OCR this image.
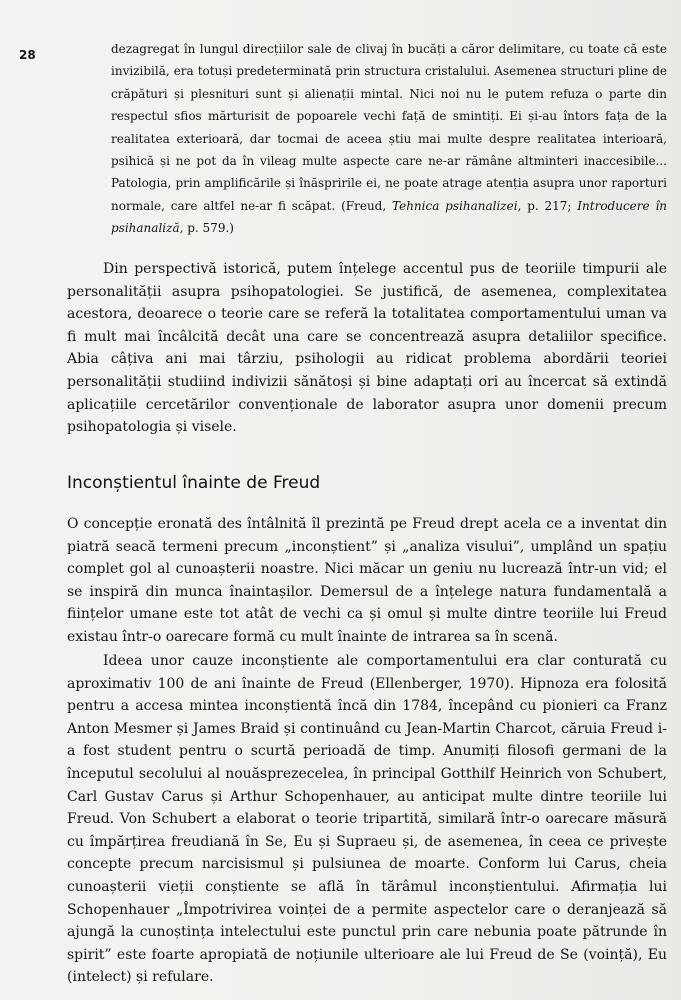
28	dezagregat în lungul direcțiilor sale de clivaj în bucăți a căror delimitare, cu toate că este invizibilă, era totuși predeterminată prin structura cristalului. Asemenea structuri pline de crăpături și plesnituri sunt și alienații mintal. Nici noi nu le putem refuza o parte din respectul sfios mărturisit de popoarele vechi față de smintiți. Ei și-au întors fața de la realitatea exterioară, dar tocmai de aceea știu mai multe despre realitatea interioară, psihică și ne pot da în vileag multe aspecte care ne-ar rămâne altminteri inaccesibile... Patologia, prin amplificările și înăspririle ei, ne poate atrage atenția asupra unor raporturi normale, care altfel ne-ar fi scăpat. (Freud, Tehnica psihanalizei, p. 217; Introducere în psihanaliză, p. 579.)

Din perspectivă istorică, putem înțelege accentul pus de teoriile timpurii ale personalității asupra psihopatologiei. Se justifică, de asemenea, complexitatea acestora, deoarece o teorie care se referă la totalitatea comportamentului uman va fi mult mai încâlcită decât una care se concentrează asupra detaliilor specifice. Abia câțiva ani mai târziu, psihologii au ridicat problema abordării teoriei personalității studiind indivizii sănătoși și bine adaptați ori au încercat să extindă aplicațiile cercetărilor convenționale de laborator asupra unor domenii precum psihopatologia și visele.

Inconștientul înainte de Freud

O concepție eronată des întâlnită îl prezintă pe Freud drept acela ce a inventat din piatră seacă termeni precum „inconștient” și „analiza visului”, umplând un spațiu complet gol al cunoașterii noastre. Nici măcar un geniu nu lucrează într-un vid; el se inspiră din munca înaintașilor. Demersul de a înțelege natura fundamentală a ființelor umane este tot atât de vechi ca și omul și multe dintre teoriile lui Freud existau într-o oarecare formă cu mult înainte de intrarea sa în scenă.

Ideea unor cauze inconștiente ale comportamentului era clar conturată cu aproximativ 100 de ani înainte de Freud (Ellenberger, 1970). Hipnoza era folosită pentru a accesa mintea inconștientă încă din 1784, începând cu pionieri ca Franz Anton Mesmer și James Braid și continuând cu Jean-Martin Charcot, căruia Freud i-a fost student pentru o scurtă perioadă de timp. Anumiți filosofi germani de la începutul secolului al nouăsprezecelea, în principal Gotthilf Heinrich von Schubert, Carl Gustav Carus și Arthur Schopenhauer, au anticipat multe dintre teoriile lui Freud. Von Schubert a elaborat o teorie tripartită, similară într-o oarecare măsură cu împărțirea freudiană în Se, Eu și Supraeu și, de asemenea, în ceea ce privește concepte precum narcisismul și pulsiunea de moarte. Conform lui Carus, cheia cunoașterii vieții conștiente se află în tărâmul inconștientului. Afirmația lui Schopenhauer „Împotrivirea voinței de a permite aspectelor care o deranjează să ajungă la cunoștința intelectului este punctul prin care nebunia poate pătrunde în spirit” este foarte apropiată de noțiunile ulterioare ale lui Freud de Se (voință), Eu (intelect) și refulare.
